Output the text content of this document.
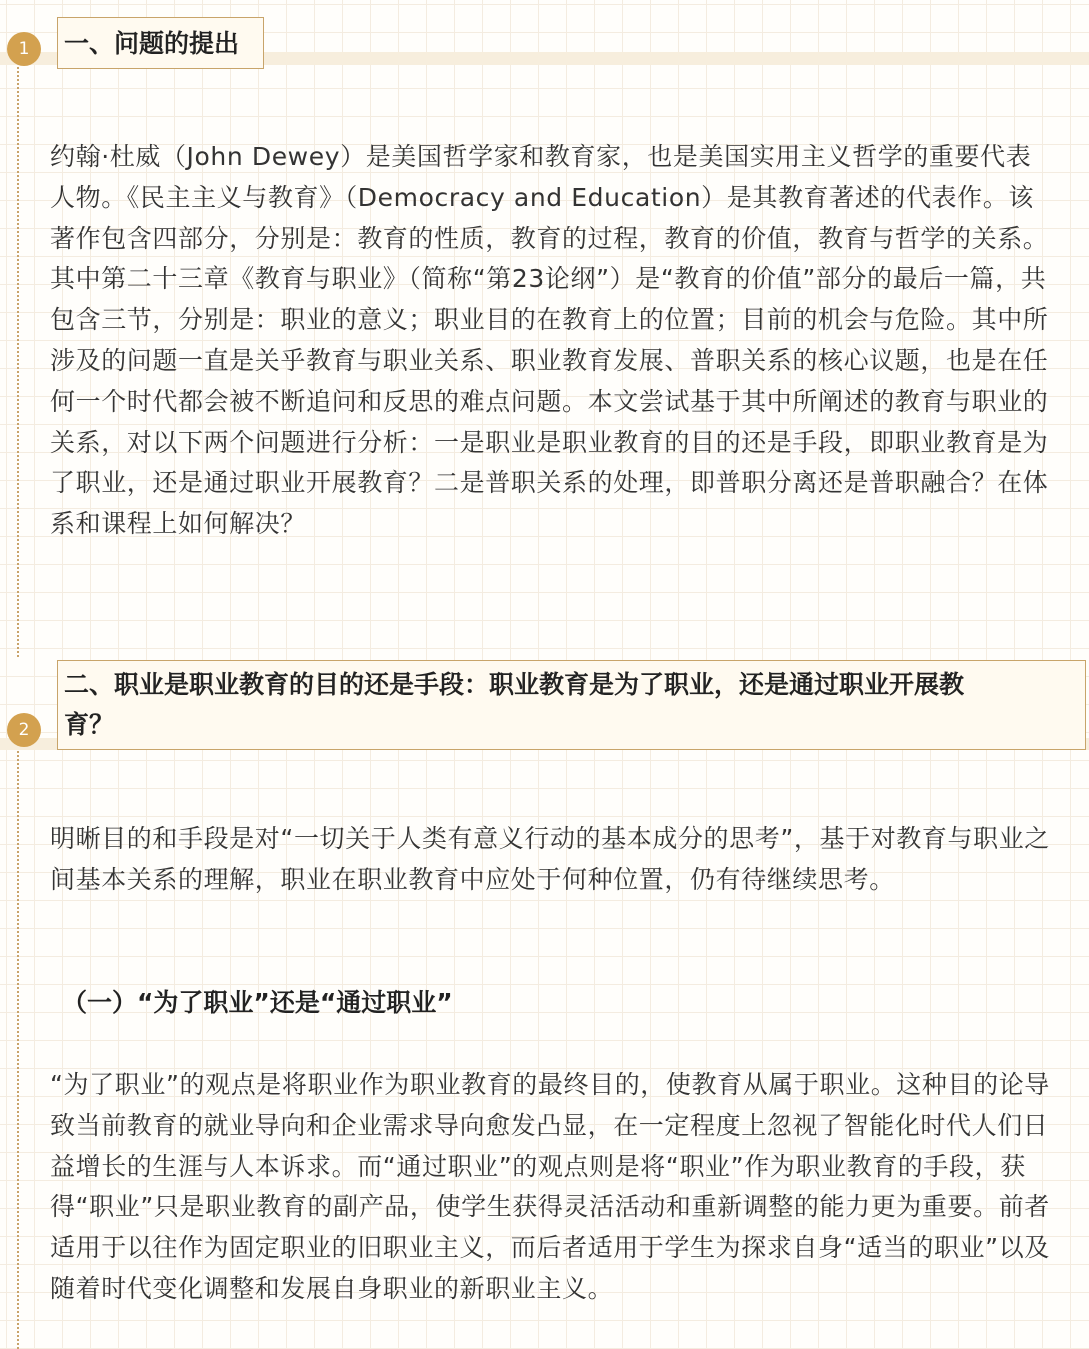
1	一、问题的提出

约翰·杜威（John Dewey）是美国哲学家和教育家，也是美国实用主义哲学的重要代表人物。《民主主义与教育》（Democracy and Education）是其教育著述的代表作。该著作包含四部分，分别是：教育的性质，教育的过程，教育的价值，教育与哲学的关系。其中第二十三章《教育与职业》（简称“第23论纲”）是“教育的价值”部分的最后一篇，共包含三节，分别是：职业的意义；职业目的在教育上的位置；目前的机会与危险。其中所涉及的问题一直是关乎教育与职业关系、职业教育发展、普职关系的核心议题，也是在任何一个时代都会被不断追问和反思的难点问题。本文尝试基于其中所阐述的教育与职业的关系，对以下两个问题进行分析：一是职业是职业教育的目的还是手段，即职业教育是为了职业，还是通过职业开展教育？二是普职关系的处理，即普职分离还是普职融合？在体系和课程上如何解决？

2
二、职业是职业教育的目的还是手段：职业教育是为了职业，还是通过职业开展教
育？

明晰目的和手段是对“一切关于人类有意义行动的基本成分的思考”，基于对教育与职业之间基本关系的理解，职业在职业教育中应处于何种位置，仍有待继续思考。

（一）“为了职业”还是“通过职业”

“为了职业”的观点是将职业作为职业教育的最终目的，使教育从属于职业。这种目的论导致当前教育的就业导向和企业需求导向愈发凸显，在一定程度上忽视了智能化时代人们日益增长的生涯与人本诉求。而“通过职业”的观点则是将“职业”作为职业教育的手段，获得“职业”只是职业教育的副产品，使学生获得灵活活动和重新调整的能力更为重要。前者适用于以往作为固定职业的旧职业主义，而后者适用于学生为探求自身“适当的职业”以及随着时代变化调整和发展自身职业的新职业主义。
